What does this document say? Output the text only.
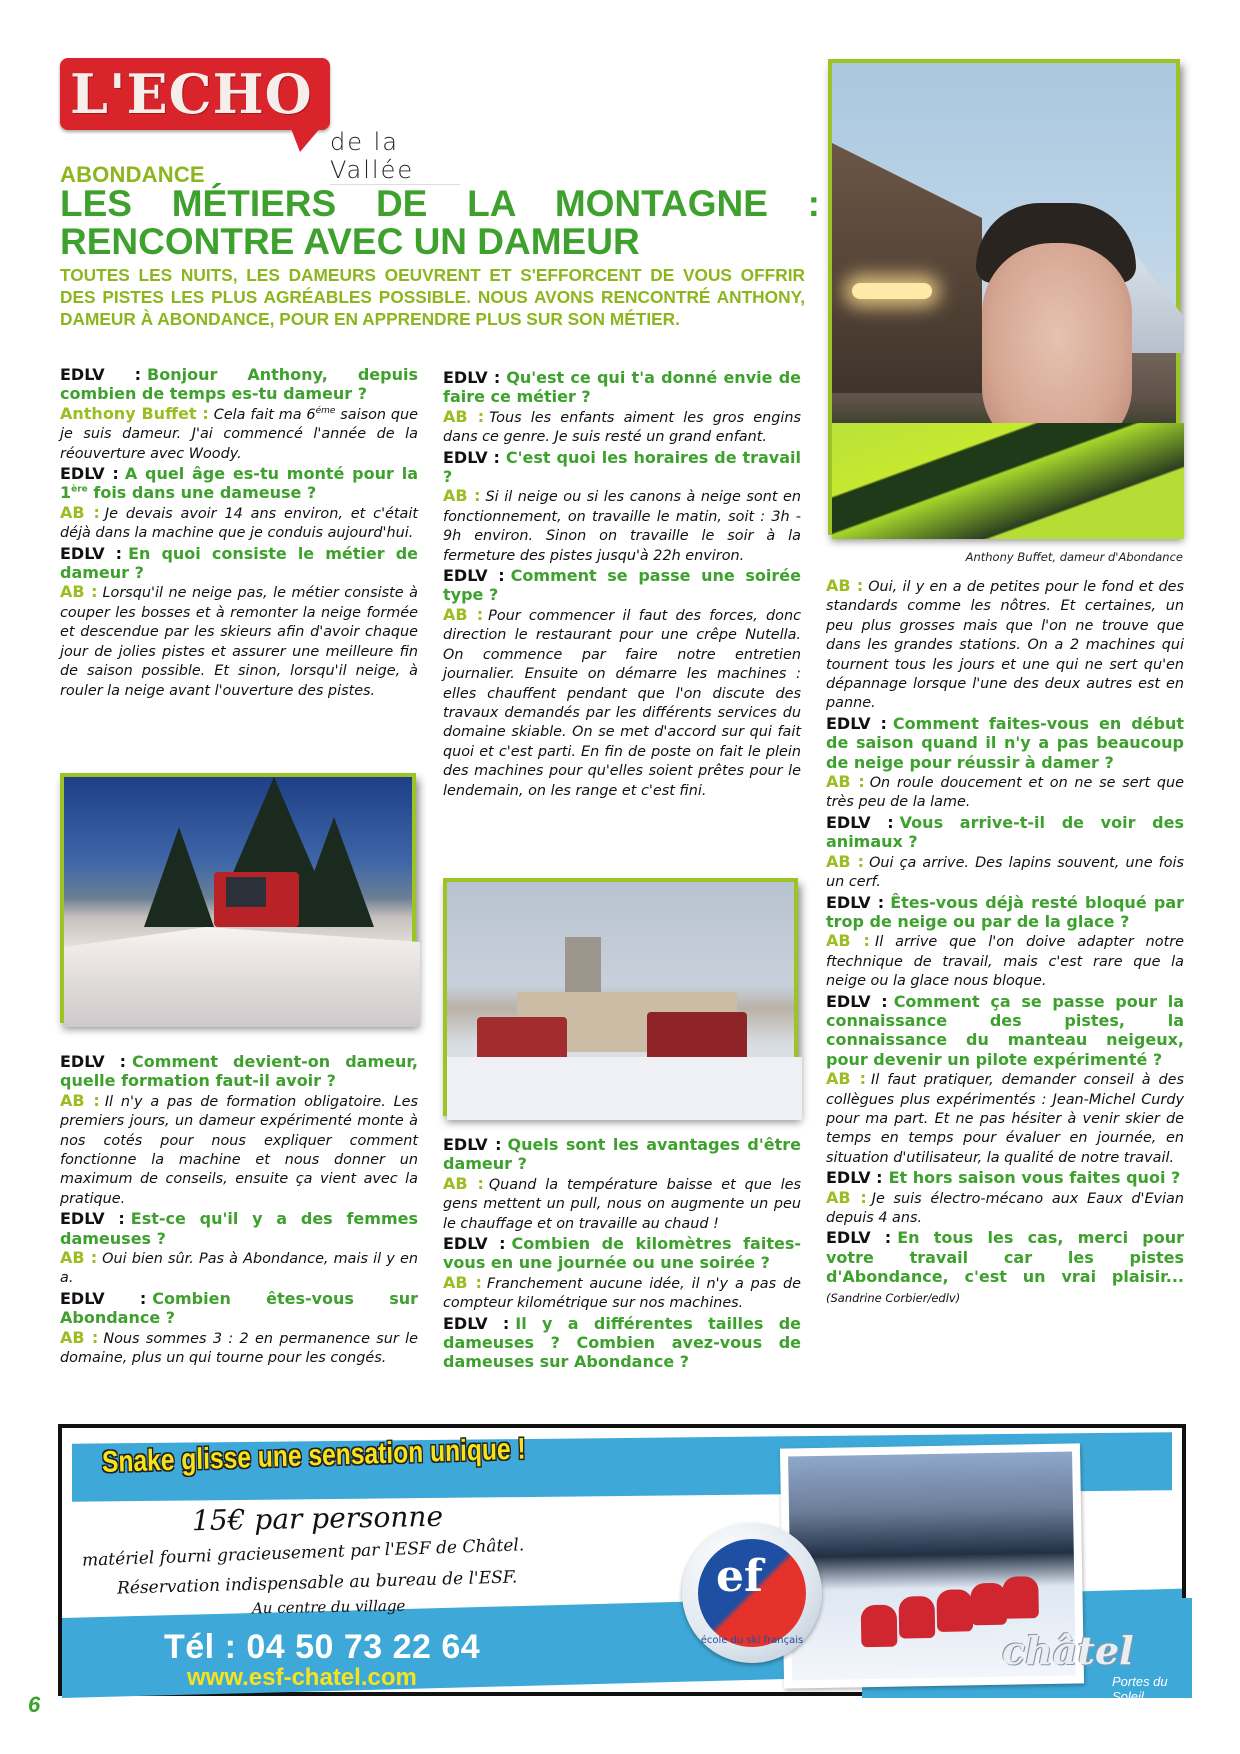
L'ECHO
de la Vallée
ABONDANCE
LES MÉTIERS DE LA MONTAGNE :
RENCONTRE AVEC UN DAMEUR

TOUTES LES NUITS, LES DAMEURS OEUVRENT ET S'EFFORCENT DE VOUS OFFRIR DES PISTES LES PLUS AGRÉABLES POSSIBLE. NOUS AVONS RENCONTRÉ ANTHONY, DAMEUR À ABONDANCE, POUR EN APPRENDRE PLUS SUR SON MÉTIER.

Anthony Buffet, dameur d'Abondance
EDLV : Bonjour Anthony, depuis combien de temps es-tu dameur ?
Anthony Buffet : Cela fait ma $6^{éme}$ saison que je suis dameur. J'ai commencé l'année de la réouverture avec Woody.
EDLV : A quel âge es-tu monté pour la 1ère fois dans une dameuse ?
AB : Je devais avoir 14 ans environ, et c'était déjà dans la machine que je conduis aujourd'hui.
EDLV : En quoi consiste le métier de dameur ?
AB : Lorsqu'il ne neige pas, le métier consiste à couper les bosses et à remonter la neige formée et descendue par les skieurs afin d'avoir chaque jour de jolies pistes et assurer une meilleure fin de saison possible. Et sinon, lorsqu'il neige, à rouler la neige avant l'ouverture des pistes.
EDLV : Comment devient-on dameur, quelle formation faut-il avoir ?
AB : Il n'y a pas de formation obligatoire. Les premiers jours, un dameur expérimenté monte à nos cotés pour nous expliquer comment fonctionne la machine et nous donner un maximum de conseils, ensuite ça vient avec la pratique.
EDLV : Est-ce qu'il y a des femmes dameuses ?
AB : Oui bien sûr. Pas à Abondance, mais il y en a.
EDLV : Combien êtes-vous sur Abondance ?
AB : Nous sommes 3 : 2 en permanence sur le domaine, plus un qui tourne pour les congés.
EDLV : Qu'est ce qui t'a donné envie de faire ce métier ?
AB : Tous les enfants aiment les gros engins dans ce genre. Je suis resté un grand enfant.
EDLV : C'est quoi les horaires de travail ?
AB : Si il neige ou si les canons à neige sont en fonctionnement, on travaille le matin, soit : 3h - 9h environ. Sinon on travaille le soir à la fermeture des pistes jusqu'à 22h environ.
EDLV : Comment se passe une soirée type ?
AB : Pour commencer il faut des forces, donc direction le restaurant pour une crêpe Nutella. On commence par faire notre entretien journalier. Ensuite on démarre les machines : elles chauffent pendant que l'on discute des travaux demandés par les différents services du domaine skiable. On se met d'accord sur qui fait quoi et c'est parti. En fin de poste on fait le plein des machines pour qu'elles soient prêtes pour le lendemain, on les range et c'est fini.
EDLV : Quels sont les avantages d'être dameur ?
AB : Quand la température baisse et que les gens mettent un pull, nous on augmente un peu le chauffage et on travaille au chaud !
EDLV : Combien de kilomètres faites-vous en une journée ou une soirée ?
AB : Franchement aucune idée, il n'y a pas de compteur kilométrique sur nos machines.
EDLV : Il y a différentes tailles de dameuses ? Combien avez-vous de dameuses sur Abondance ?
AB : Oui, il y en a de petites pour le fond et des standards comme les nôtres. Et certaines, un peu plus grosses mais que l'on ne trouve que dans les grandes stations. On a 2 machines qui tournent tous les jours et une qui ne sert qu'en dépannage lorsque l'une des deux autres est en panne.
EDLV : Comment faites-vous en début de saison quand il n'y a pas beaucoup de neige pour réussir à damer ?
AB : On roule doucement et on ne se sert que très peu de la lame.
EDLV : Vous arrive-t-il de voir des animaux ?
AB : Oui ça arrive. Des lapins souvent, une fois un cerf.
EDLV : Êtes-vous déjà resté bloqué par trop de neige ou par de la glace ?
AB : Il arrive que l'on doive adapter notre ftechnique de travail, mais c'est rare que la neige ou la glace nous bloque.
EDLV : Comment ça se passe pour la connaissance des pistes, la connaissance du manteau neigeux, pour devenir un pilote expérimenté ?
AB : Il faut pratiquer, demander conseil à des collègues plus expérimentés : Jean-Michel Curdy pour ma part. Et ne pas hésiter à venir skier de temps en temps pour évaluer en journée, en situation d'utilisateur, la qualité de notre travail.
EDLV : Et hors saison vous faites quoi ?
AB : Je suis électro-mécano aux Eaux d'Evian depuis 4 ans.
EDLV : En tous les cas, merci pour votre travail car les pistes d'Abondance, c'est un vrai plaisir... (Sandrine Corbier/edlv)
Snake glisse une sensation unique !
15€ par personne
matériel fourni gracieusement par l'ESF de Châtel.
Réservation indispensable au bureau de l'ESF.
Au centre du village
Tél : 04 50 73 22 64
www.esf-chatel.com
ef
école du ski français	châtel
Portes du Soleil
6
